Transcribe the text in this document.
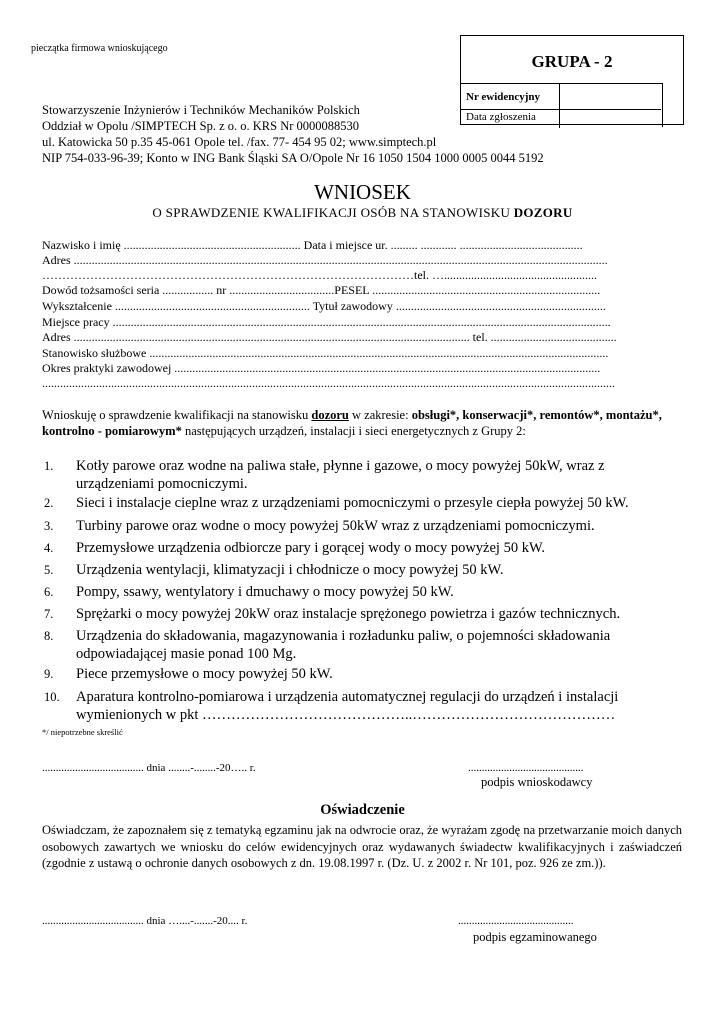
pieczątka firmowa wnioskującego
GRUPA - 2
Nr ewidencyjny
Data zgłoszenia
Stowarzyszenie Inżynierów i Techników Mechaników Polskich
Oddział w Opolu /SIMPTECH Sp. z o. o. KRS Nr 0000088530
ul. Katowicka 50 p.35 45-061 Opole tel. /fax. 77- 454 95 02; www.simptech.pl
NIP 754-033-96-39; Konto w ING Bank Śląski SA O/Opole Nr 16 1050 1504 1000 0005 0044 5192
WNIOSEK
O SPRAWDZENIE KWALIFIKACJI OSÓB NA STANOWISKU DOZORU
Nazwisko i imię ........................................................... Data i miejsce ur. ......... ............ .........................................
Adres ..................................................................................................................................................................................
…………………………………………………………………………………tel. …...................................................
Dowód tożsamości seria ................. nr ...................................PESEL ............................................................................
Wykształcenie ................................................................. Tytuł zawodowy ......................................................................
Miejsce pracy ......................................................................................................................................................................
Adres .................................................................................................................................... tel. ..........................................
Stanowisko służbowe .........................................................................................................................................................
Okres praktyki zawodowej ..............................................................................................................................................
...............................................................................................................................................................................................
Wnioskuję o sprawdzenie kwalifikacji na stanowisku dozoru w zakresie: obsługi*, konserwacji*, remontów*, montażu*, kontrolno - pomiarowym* następujących urządzeń, instalacji i sieci energetycznych z Grupy 2:
1. Kotły parowe oraz wodne na paliwa stałe, płynne i gazowe, o mocy powyżej 50kW, wraz z urządzeniami pomocniczymi.
2. Sieci i instalacje cieplne wraz z urządzeniami pomocniczymi o przesyle ciepła powyżej 50 kW.
3. Turbiny parowe oraz wodne o mocy powyżej 50kW wraz z urządzeniami pomocniczymi.
4. Przemysłowe urządzenia odbiorcze pary i gorącej wody o mocy powyżej 50 kW.
5. Urządzenia wentylacji, klimatyzacji i chłodnicze o mocy powyżej 50 kW.
6. Pompy, ssawy, wentylatory i dmuchawy o mocy powyżej 50 kW.
7. Sprężarki o mocy powyżej 20kW oraz instalacje sprężonego powietrza i gazów technicznych.
8. Urządzenia do składowania, magazynowania i rozładunku paliw, o pojemności składowania odpowiadającej masie ponad 100 Mg.
9. Piece przemysłowe o mocy powyżej 50 kW.
10. Aparatura kontrolno-pomiarowa i urządzenia automatycznej regulacji do urządzeń i instalacji wymienionych w pkt ……………………………………..……………………………………
*/ niepotrzebne skreślić
..................................... dnia ........-........-20….. r.	..........................................
podpis wnioskodawcy
Oświadczenie
Oświadczam, że zapoznałem się z tematyką egzaminu jak na odwrocie oraz, że wyrażam zgodę na przetwarzanie moich danych osobowych zawartych we wniosku do celów ewidencyjnych oraz wydawanych świadectw kwalifikacyjnych i zaświadczeń (zgodnie z ustawą o ochronie danych osobowych z dn. 19.08.1997 r. (Dz. U. z 2002 r. Nr 101, poz. 926 ze zm.)).
..................................... dnia …....-.......-20.... r.	..........................................
podpis egzaminowanego
